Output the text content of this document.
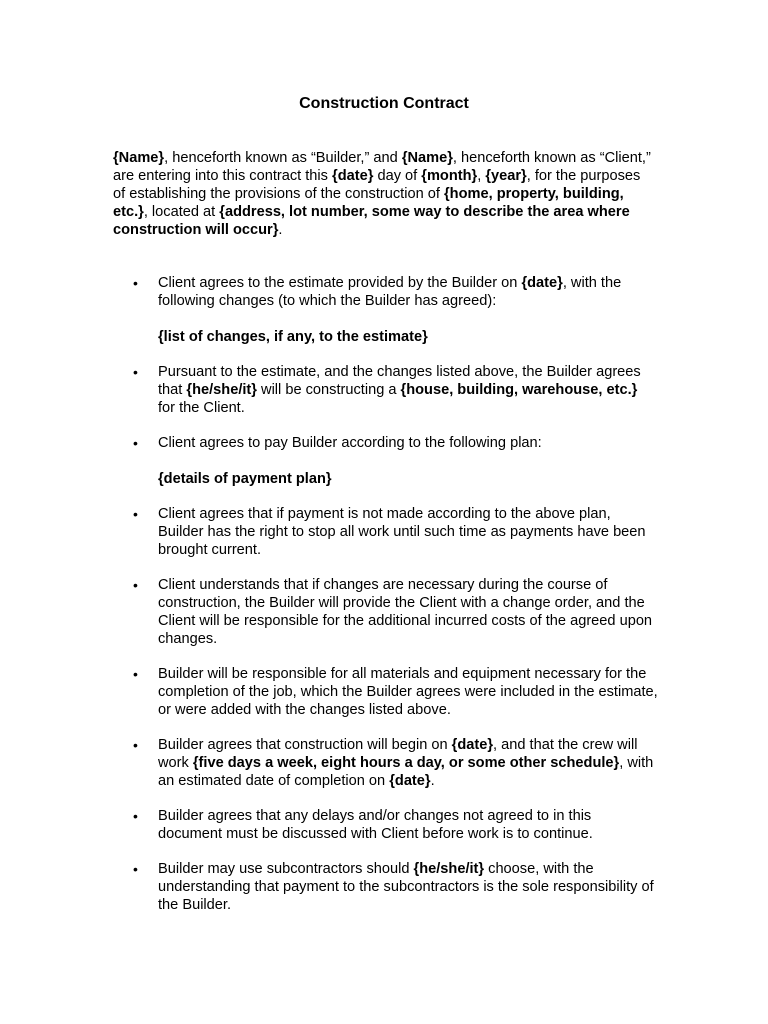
Construction Contract

{Name}, henceforth known as “Builder,” and {Name}, henceforth known as “Client,” are entering into this contract this {date} day of {month}, {year}, for the purposes of establishing the provisions of the construction of {home, property, building, etc.}, located at {address, lot number, some way to describe the area where construction will occur}.

• Client agrees to the estimate provided by the Builder on {date}, with the following changes (to which the Builder has agreed):
{list of changes, if any, to the estimate}
• Pursuant to the estimate, and the changes listed above, the Builder agrees that {he/she/it} will be constructing a {house, building, warehouse, etc.} for the Client.
• Client agrees to pay Builder according to the following plan:
{details of payment plan}
• Client agrees that if payment is not made according to the above plan, Builder has the right to stop all work until such time as payments have been brought current.
• Client understands that if changes are necessary during the course of construction, the Builder will provide the Client with a change order, and the Client will be responsible for the additional incurred costs of the agreed upon changes.
• Builder will be responsible for all materials and equipment necessary for the completion of the job, which the Builder agrees were included in the estimate, or were added with the changes listed above.
• Builder agrees that construction will begin on {date}, and that the crew will work {five days a week, eight hours a day, or some other schedule}, with an estimated date of completion on {date}.
• Builder agrees that any delays and/or changes not agreed to in this document must be discussed with Client before work is to continue.
• Builder may use subcontractors should {he/she/it} choose, with the understanding that payment to the subcontractors is the sole responsibility of the Builder.
